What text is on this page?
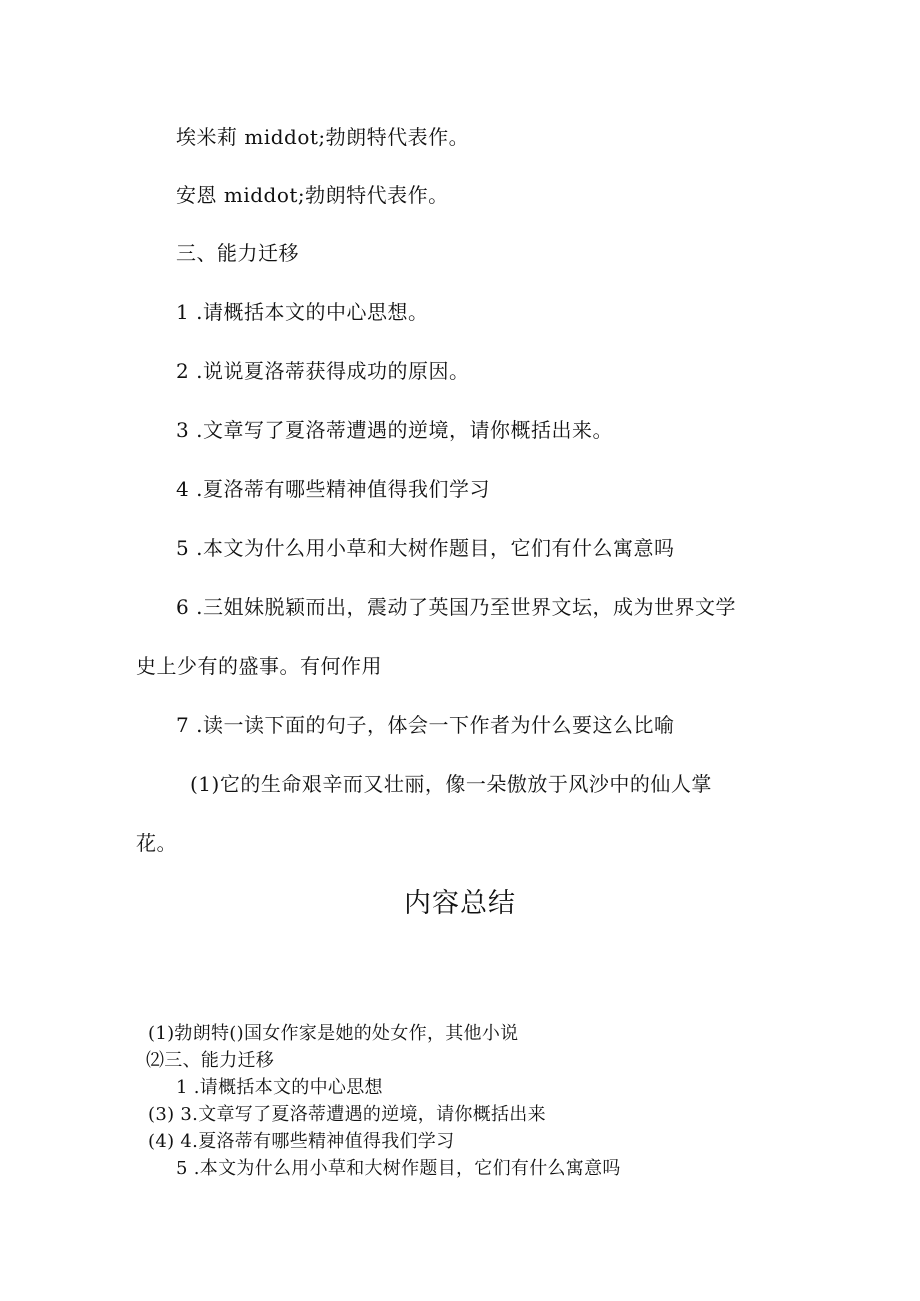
埃米莉 middot;勃朗特代表作。
安恩 middot;勃朗特代表作。
三、能力迁移
1 .请概括本文的中心思想。
2 .说说夏洛蒂获得成功的原因。
3 .文章写了夏洛蒂遭遇的逆境，请你概括出来。
4 .夏洛蒂有哪些精神值得我们学习
5 .本文为什么用小草和大树作题目，它们有什么寓意吗
6 .三姐妹脱颖而出，震动了英国乃至世界文坛，成为世界文学
史上少有的盛事。有何作用
7 .读一读下面的句子，体会一下作者为什么要这么比喻
(1)它的生命艰辛而又壮丽，像一朵傲放于风沙中的仙人掌
花。
内容总结
(1)勃朗特()国女作家是她的处女作，其他小说
⑵三、能力迁移
1 .请概括本文的中心思想
(3) 3.文章写了夏洛蒂遭遇的逆境，请你概括出来
(4) 4.夏洛蒂有哪些精神值得我们学习
5 .本文为什么用小草和大树作题目，它们有什么寓意吗
